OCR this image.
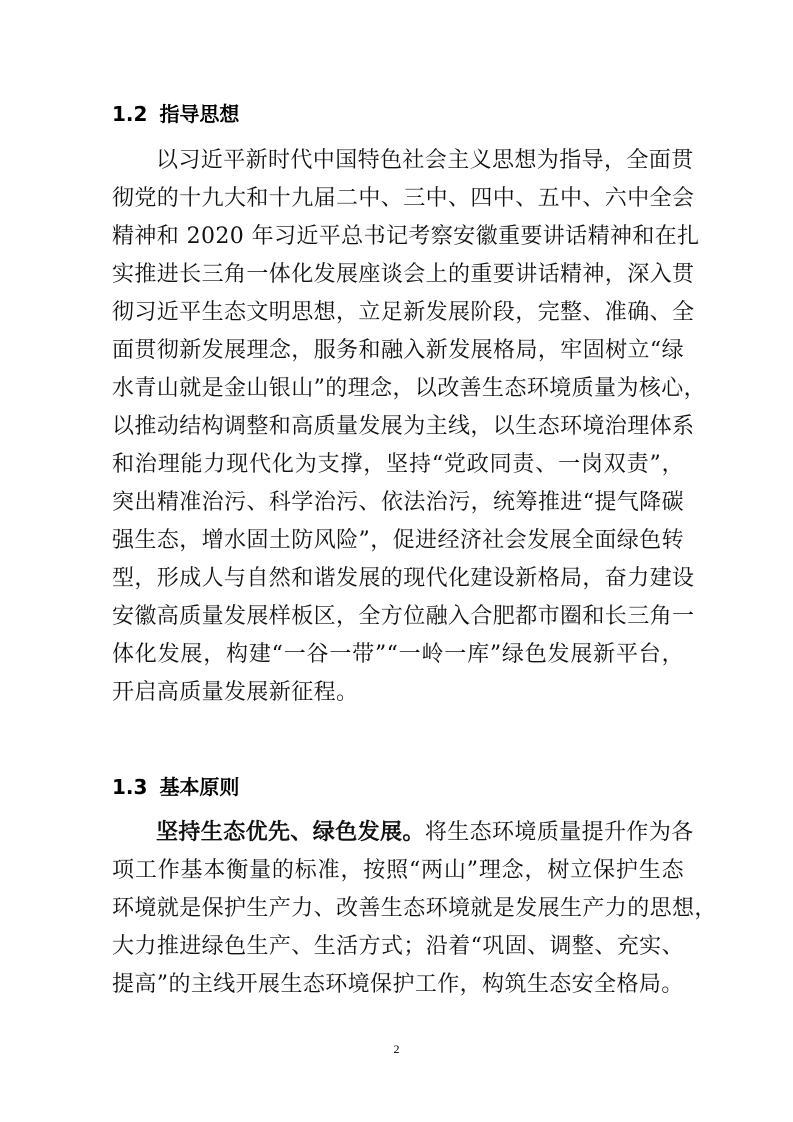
1.2 指导思想
以习近平新时代中国特色社会主义思想为指导，全面贯
彻党的十九大和十九届二中、三中、四中、五中、六中全会
精神和 2020 年习近平总书记考察安徽重要讲话精神和在扎
实推进长三角一体化发展座谈会上的重要讲话精神，深入贯
彻习近平生态文明思想，立足新发展阶段，完整、准确、全
面贯彻新发展理念，服务和融入新发展格局，牢固树立“绿
水青山就是金山银山”的理念，以改善生态环境质量为核心，
以推动结构调整和高质量发展为主线，以生态环境治理体系
和治理能力现代化为支撑，坚持“党政同责、一岗双责”，
突出精准治污、科学治污、依法治污，统筹推进“提气降碳
强生态，增水固土防风险”，促进经济社会发展全面绿色转
型，形成人与自然和谐发展的现代化建设新格局，奋力建设
安徽高质量发展样板区，全方位融入合肥都市圈和长三角一
体化发展，构建“一谷一带”“一岭一库”绿色发展新平台，
开启高质量发展新征程。
1.3 基本原则
坚持生态优先、绿色发展。将生态环境质量提升作为各
项工作基本衡量的标准，按照“两山”理念，树立保护生态
环境就是保护生产力、改善生态环境就是发展生产力的思想，
大力推进绿色生产、生活方式；沿着“巩固、调整、充实、
提高”的主线开展生态环境保护工作，构筑生态安全格局。
2
